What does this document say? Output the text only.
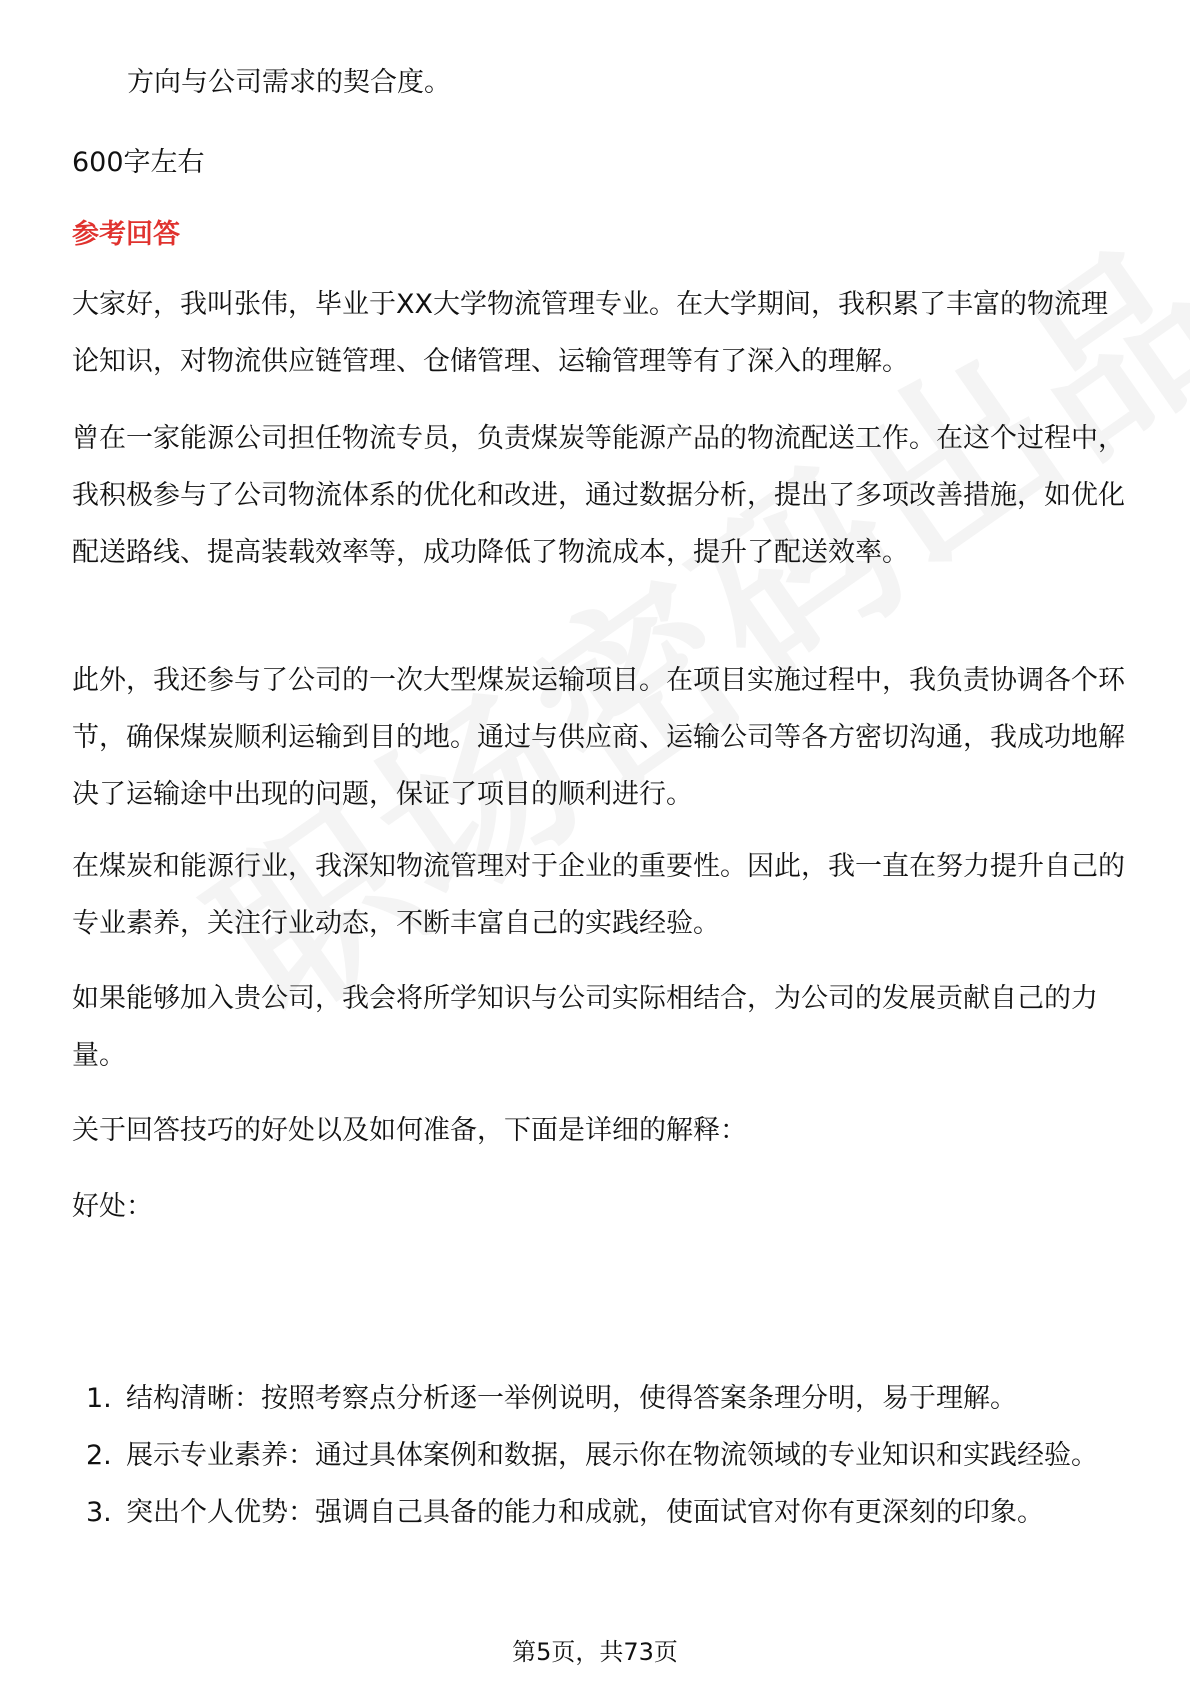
方向与公司需求的契合度。

600字左右

参考回答

大家好，我叫张伟，毕业于XX大学物流管理专业。在大学期间，我积累了丰富的物流理论知识，对物流供应链管理、仓储管理、运输管理等有了深入的理解。

曾在一家能源公司担任物流专员，负责煤炭等能源产品的物流配送工作。在这个过程中，我积极参与了公司物流体系的优化和改进，通过数据分析，提出了多项改善措施，如优化配送路线、提高装载效率等，成功降低了物流成本，提升了配送效率。

此外，我还参与了公司的一次大型煤炭运输项目。在项目实施过程中，我负责协调各个环节，确保煤炭顺利运输到目的地。通过与供应商、运输公司等各方密切沟通，我成功地解决了运输途中出现的问题，保证了项目的顺利进行。

在煤炭和能源行业，我深知物流管理对于企业的重要性。因此，我一直在努力提升自己的专业素养，关注行业动态，不断丰富自己的实践经验。

如果能够加入贵公司，我会将所学知识与公司实际相结合，为公司的发展贡献自己的力量。

关于回答技巧的好处以及如何准备，下面是详细的解释：

好处：

1. 结构清晰：按照考察点分析逐一举例说明，使得答案条理分明，易于理解。
2. 展示专业素养：通过具体案例和数据，展示你在物流领域的专业知识和实践经验。
3. 突出个人优势：强调自己具备的能力和成就，使面试官对你有更深刻的印象。
第5页，共73页
